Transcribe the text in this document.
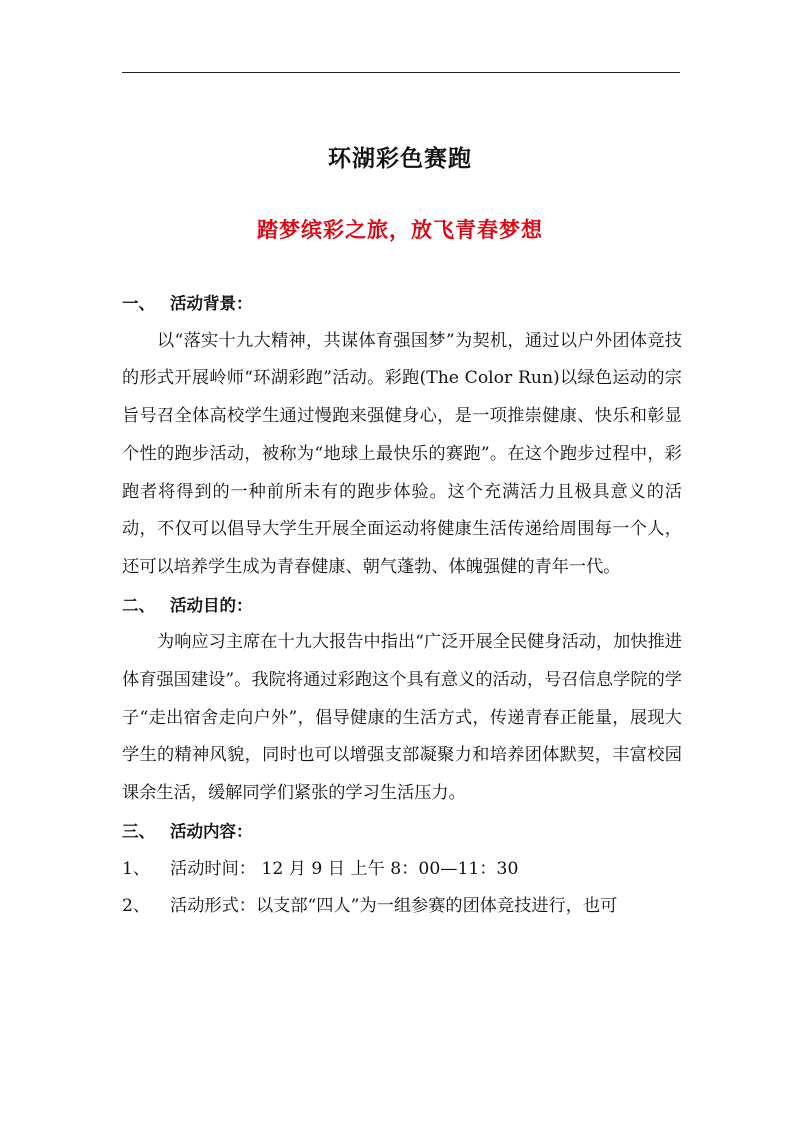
环湖彩色赛跑
踏梦缤彩之旅，放飞青春梦想
一、 活动背景：
以“落实十九大精神，共谋体育强国梦”为契机，通过以户外团体竞技的形式开展岭师“环湖彩跑”活动。彩跑(The Color Run)以绿色运动的宗旨号召全体高校学生通过慢跑来强健身心，是一项推崇健康、快乐和彰显个性的跑步活动，被称为“地球上最快乐的赛跑”。在这个跑步过程中，彩跑者将得到的一种前所未有的跑步体验。这个充满活力且极具意义的活动，不仅可以倡导大学生开展全面运动将健康生活传递给周围每一个人，还可以培养学生成为青春健康、朝气蓬勃、体魄强健的青年一代。
二、 活动目的：
为响应习主席在十九大报告中指出“广泛开展全民健身活动，加快推进体育强国建设”。我院将通过彩跑这个具有意义的活动，号召信息学院的学子“走出宿舍走向户外”，倡导健康的生活方式，传递青春正能量，展现大学生的精神风貌，同时也可以增强支部凝聚力和培养团体默契，丰富校园课余生活，缓解同学们紧张的学习生活压力。
三、 活动内容：
1、 活动时间： 12 月 9 日 上午 8：00—11：30
2、 活动形式：以支部“四人”为一组参赛的团体竞技进行，也可
